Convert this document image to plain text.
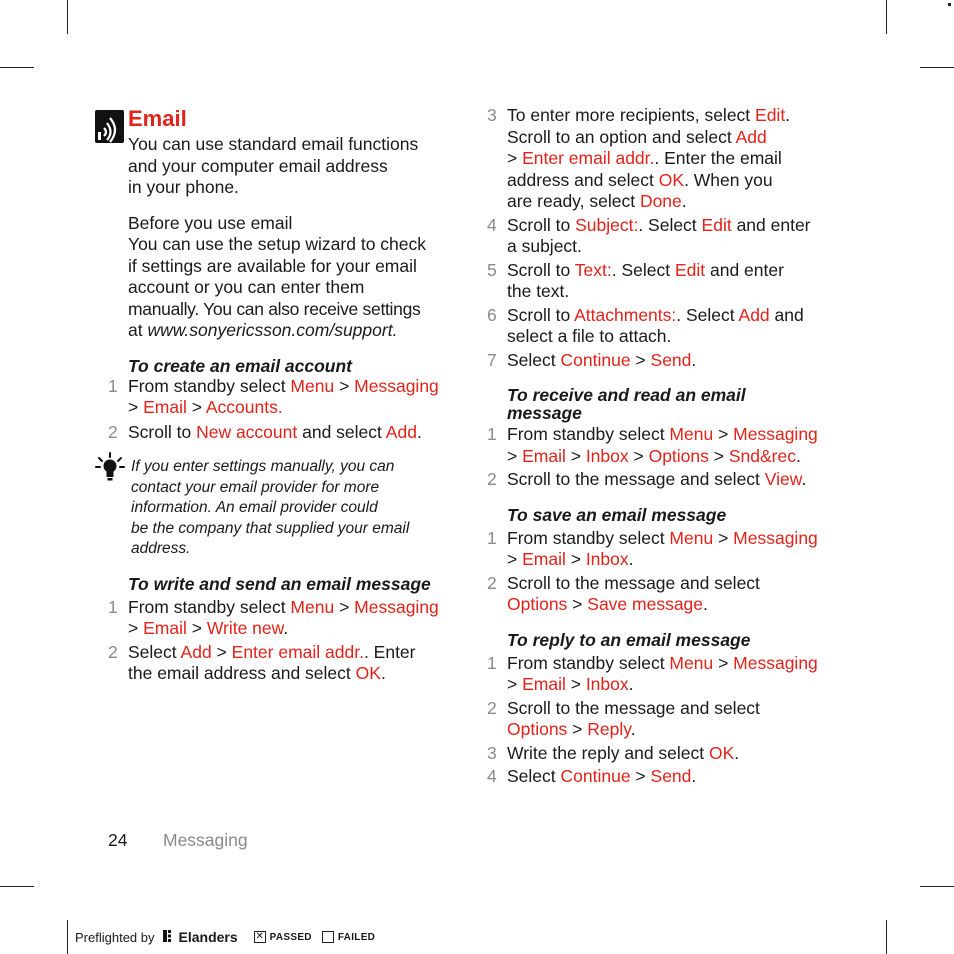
Email

You can use standard email functions

and your computer email address

in your phone.

Before you use email

You can use the setup wizard to check

if settings are available for your email

account or you can enter them

manually. You can also receive settings

at www.sonyericsson.com/support.

To create an email account

1 From standby select Menu > Messaging
> Email > Accounts.

2 Scroll to New account and select Add.

If you enter settings manually, you can

contact your email provider for more

information. An email provider could

be the company that supplied your email

address.

To write and send an email message

1 From standby select Menu > Messaging
> Email > Write new.

2 Select Add > Enter email addr.. Enter
the email address and select OK.

3 To enter more recipients, select Edit.
Scroll to an option and select Add
> Enter email addr.. Enter the email
address and select OK. When you
are ready, select Done.

4 Scroll to Subject:. Select Edit and enter
a subject.

5 Scroll to Text:. Select Edit and enter
the text.

6 Scroll to Attachments:. Select Add and
select a file to attach.

7 Select Continue > Send.

To receive and read an email

message

1 From standby select Menu > Messaging
> Email > Inbox > Options > Snd&rec.

2 Scroll to the message and select View.

To save an email message

1 From standby select Menu > Messaging
> Email > Inbox.

2 Scroll to the message and select
Options > Save message.

To reply to an email message

1 From standby select Menu > Messaging
> Email > Inbox.

2 Scroll to the message and select
Options > Reply.

3 Write the reply and select OK.

4 Select Continue > Send.

24 Messaging
Preflighted by Elanders ✕ PASSED	FAILED
